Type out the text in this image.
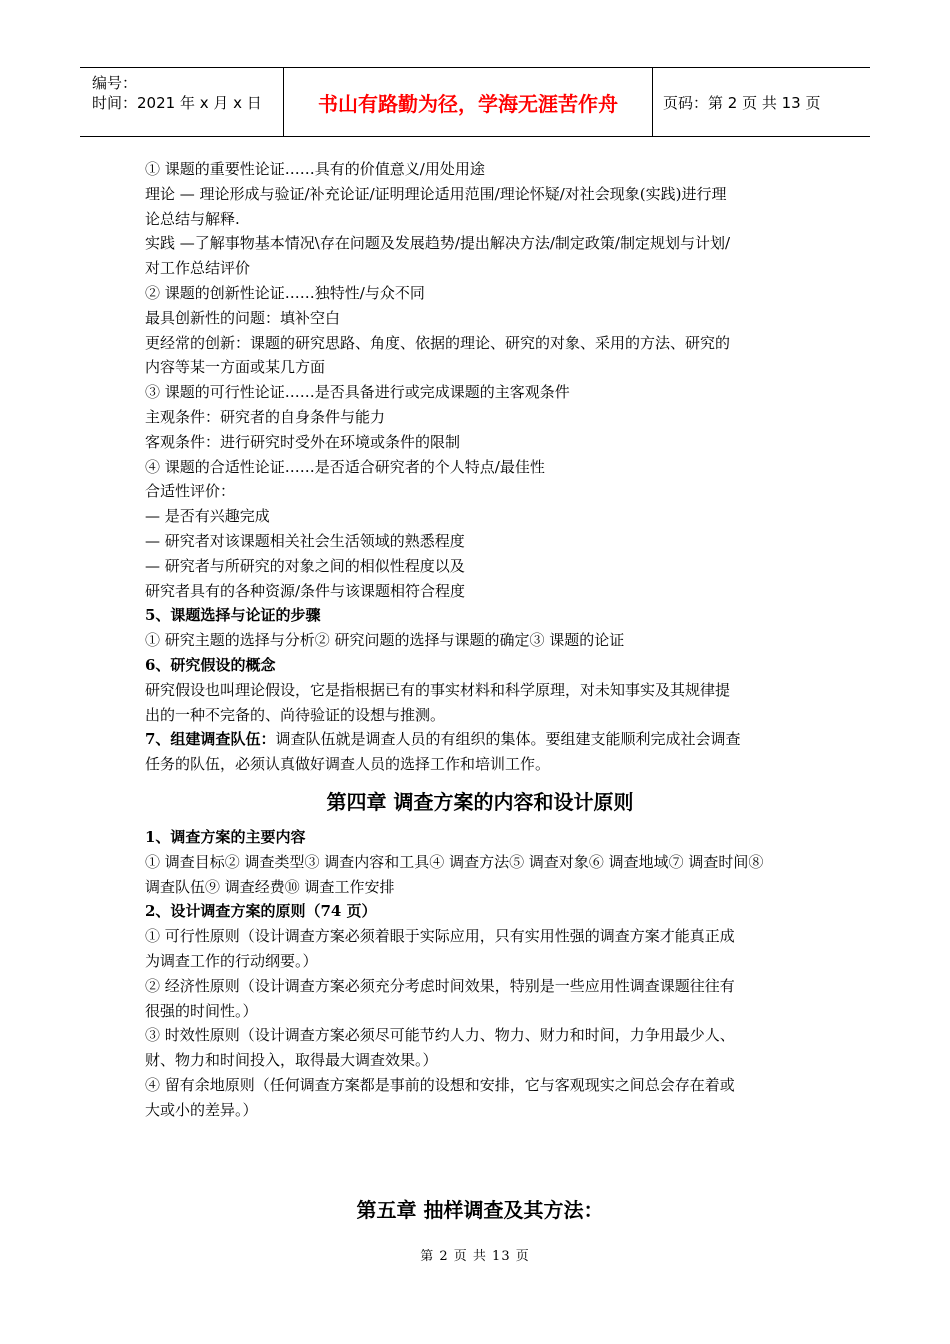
编号：
时间：2021 年 x 月 x 日	书山有路勤为径，学海无涯苦作舟	页码：第 2 页 共 13 页
① 课题的重要性论证……具有的价值意义/用处用途
理论 — 理论形成与验证/补充论证/证明理论适用范围/理论怀疑/对社会现象(实践)进行理
论总结与解释.
实践 —了解事物基本情况\存在问题及发展趋势/提出解决方法/制定政策/制定规划与计划/
对工作总结评价
② 课题的创新性论证……独特性/与众不同
最具创新性的问题：填补空白
更经常的创新：课题的研究思路、角度、依据的理论、研究的对象、采用的方法、研究的
内容等某一方面或某几方面
③ 课题的可行性论证……是否具备进行或完成课题的主客观条件
主观条件：研究者的自身条件与能力
客观条件：进行研究时受外在环境或条件的限制
④ 课题的合适性论证……是否适合研究者的个人特点/最佳性
合适性评价：
— 是否有兴趣完成
— 研究者对该课题相关社会生活领域的熟悉程度
— 研究者与所研究的对象之间的相似性程度以及
研究者具有的各种资源/条件与该课题相符合程度
5、课题选择与论证的步骤
① 研究主题的选择与分析② 研究问题的选择与课题的确定③ 课题的论证
6、研究假设的概念
研究假设也叫理论假设，它是指根据已有的事实材料和科学原理，对未知事实及其规律提
出的一种不完备的、尚待验证的设想与推测。
7、组建调查队伍：调查队伍就是调查人员的有组织的集体。要组建支能顺利完成社会调查
任务的队伍，必须认真做好调查人员的选择工作和培训工作。
第四章 调查方案的内容和设计原则
1、调查方案的主要内容
① 调查目标② 调查类型③ 调查内容和工具④ 调查方法⑤ 调查对象⑥ 调查地域⑦ 调查时间⑧
调查队伍⑨ 调查经费⑩ 调查工作安排
2、设计调查方案的原则（74 页）
① 可行性原则（设计调查方案必须着眼于实际应用，只有实用性强的调查方案才能真正成
为调查工作的行动纲要。）
② 经济性原则（设计调查方案必须充分考虑时间效果，特别是一些应用性调查课题往往有
很强的时间性。）
③ 时效性原则（设计调查方案必须尽可能节约人力、物力、财力和时间，力争用最少人、
财、物力和时间投入，取得最大调查效果。）
④ 留有余地原则（任何调查方案都是事前的设想和安排，它与客观现实之间总会存在着或
大或小的差异。）
第五章 抽样调查及其方法：
第 2 页 共 13 页
